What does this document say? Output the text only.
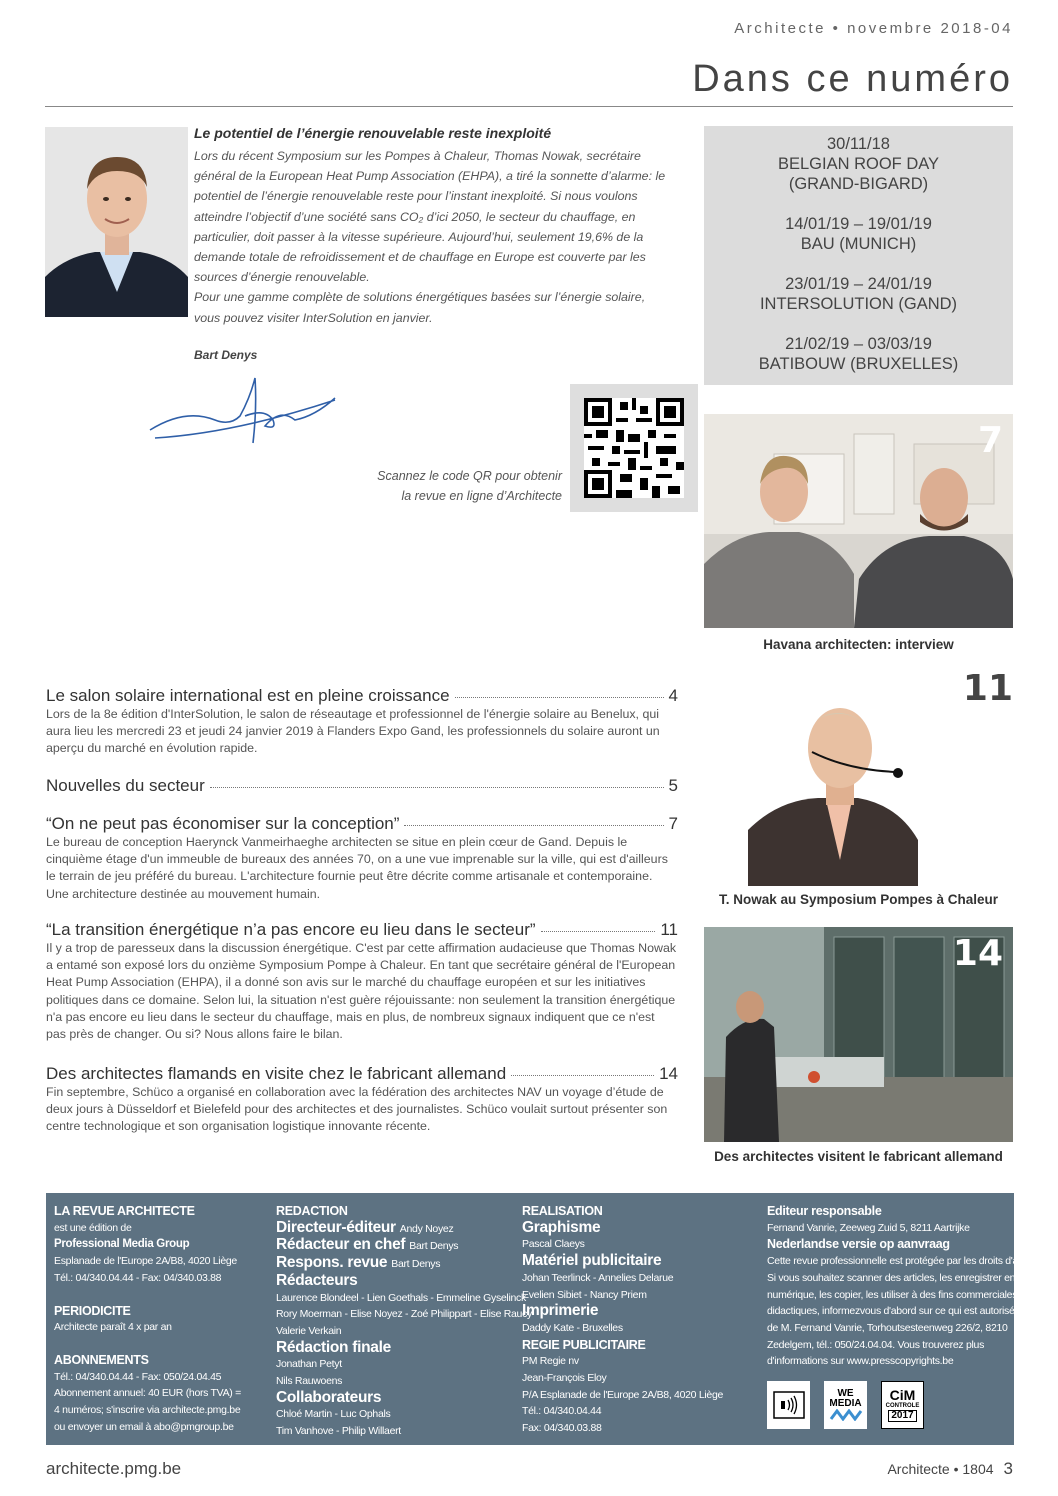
Architecte • novembre 2018-04
Dans ce numéro
Le potentiel de l’énergie renouvelable reste inexploité

Lors du récent Symposium sur les Pompes à Chaleur, Thomas Nowak, secrétaire général de la European Heat Pump Association (EHPA), a tiré la sonnette d’alarme: le potentiel de l’énergie renouvelable reste pour l’instant inexploité. Si nous voulons atteindre l’objectif d’une société sans CO₂ d’ici 2050, le secteur du chauffage, en particulier, doit passer à la vitesse supérieure. Aujourd’hui, seulement 19,6% de la demande totale de refroidissement et de chauffage en Europe est couverte par les sources d’énergie renouvelable.

Pour une gamme complète de solutions énergétiques basées sur l’énergie solaire, vous pouvez visiter InterSolution en janvier.

Bart Denys
Scannez le code QR pour obtenir
la revue en ligne d’Architecte
30/11/18
BELGIAN ROOF DAY
(GRAND-BIGARD)
14/01/19 – 19/01/19
BAU (MUNICH)
23/01/19 – 24/01/19
INTERSOLUTION (GAND)
21/02/19 – 03/03/19
BATIBOUW (BRUXELLES)
7
Havana architecten: interview
11
T. Nowak au Symposium Pompes à Chaleur
14
Des architectes visitent le fabricant allemand
Le salon solaire international est en pleine croissance	4
Lors de la 8e édition d'InterSolution, le salon de réseautage et professionnel de l'énergie solaire au Benelux, qui aura lieu les mercredi 23 et jeudi 24 janvier 2019 à Flanders Expo Gand, les professionnels du solaire auront un aperçu du marché en évolution rapide.
Nouvelles du secteur	5
“On ne peut pas économiser sur la conception”	7
Le bureau de conception Haerynck Vanmeirhaeghe architecten se situe en plein cœur de Gand. Depuis le cinquième étage d'un immeuble de bureaux des années 70, on a une vue imprenable sur la ville, qui est d'ailleurs le terrain de jeu préféré du bureau. L'architecture fournie peut être décrite comme artisanale et contemporaine. Une architecture destinée au mouvement humain.
“La transition énergétique n’a pas encore eu lieu dans le secteur”	11
Il y a trop de paresseux dans la discussion énergétique. C'est par cette affirmation audacieuse que Thomas Nowak a entamé son exposé lors du onzième Symposium Pompe à Chaleur. En tant que secrétaire général de l'European Heat Pump Association (EHPA), il a donné son avis sur le marché du chauffage européen et sur les initiatives politiques dans ce domaine. Selon lui, la situation n'est guère réjouissante: non seulement la transition énergétique n'a pas encore eu lieu dans le secteur du chauffage, mais en plus, de nombreux signaux indiquent que ce n'est pas près de changer. Ou si? Nous allons faire le bilan.
Des architectes flamands en visite chez le fabricant allemand	14
Fin septembre, Schüco a organisé en collaboration avec la fédération des architectes NAV un voyage d’étude de deux jours à Düsseldorf et Bielefeld pour des architectes et des journalistes. Schüco voulait surtout présenter son centre technologique et son organisation logistique innovante récente.
LA REVUE ARCHITECTE
est une édition de
Professional Media Group
Esplanade de l'Europe 2A/B8, 4020 Liège
Tél.: 04/340.04.44 - Fax: 04/340.03.88
PERIODICITE
Architecte paraît 4 x par an
ABONNEMENTS
Tél.: 04/340.04.44 - Fax: 050/24.04.45
Abonnement annuel: 40 EUR (hors TVA) =
4 numéros; s'inscrire via architecte.pmg.be
ou envoyer un email à abo@pmgroup.be
REDACTION
Directeur-éditeur Andy Noyez
Rédacteur en chef Bart Denys
Respons. revue Bart Denys
Rédacteurs
Laurence Blondeel - Lien Goethals - Emmeline Gyselinck
Rory Moerman - Elise Noyez - Zoé Philippart - Elise Raucy
Valerie Verkain
Rédaction finale
Jonathan Petyt
Nils Rauwoens
Collaborateurs
Chloé Martin - Luc Ophals
Tim Vanhove - Philip Willaert
REALISATION
Graphisme
Pascal Claeys
Matériel publicitaire
Johan Teerlinck - Annelies Delarue
Evelien Sibiet - Nancy Priem
Imprimerie
Daddy Kate - Bruxelles
REGIE PUBLICITAIRE
PM Regie nv
Jean-François Eloy
P/A Esplanade de l'Europe 2A/B8, 4020 Liège
Tél.: 04/340.04.44
Fax: 04/340.03.88
Editeur responsable
Fernand Vanrie, Zeeweg Zuid 5, 8211 Aartrijke
Nederlandse versie op aanvraag
Cette revue professionnelle est protégée par les droits d'auteur.
Si vous souhaitez scanner des articles, les enregistrer en version
numérique, les copier, les utiliser à des fins commerciales ou
didactiques, informezvous d'abord sur ce qui est autorisé auprès
de M. Fernand Vanrie, Torhoutsesteenweg 226/2, 8210
Zedelgem, tél.: 050/24.04.04. Vous trouverez plus
d'informations sur www.presscopyrights.be
WE MEDIA
CiM
CONTROLE
2017
architecte.pmg.be	Architecte • 1804 3
